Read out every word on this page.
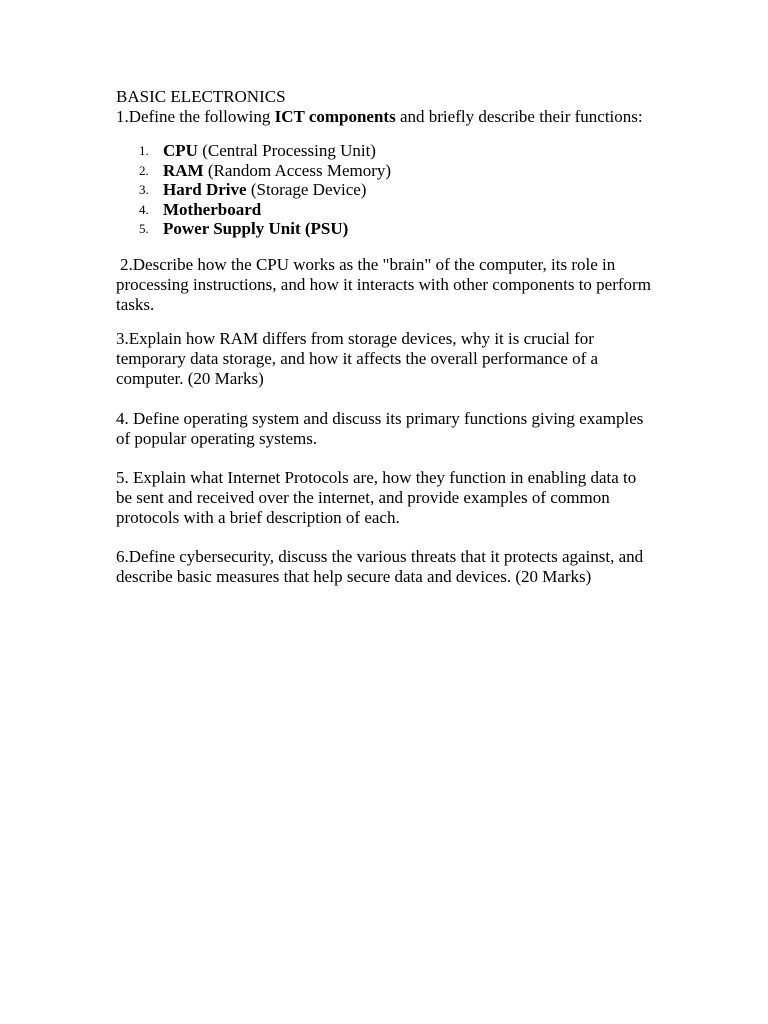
BASIC ELECTRONICS

1.Define the following ICT components and briefly describe their functions:

1. CPU (Central Processing Unit)
2. RAM (Random Access Memory)
3. Hard Drive (Storage Device)
4. Motherboard
5. Power Supply Unit (PSU)

2.Describe how the CPU works as the "brain" of the computer, its role in processing instructions, and how it interacts with other components to perform tasks.

3.Explain how RAM differs from storage devices, why it is crucial for temporary data storage, and how it affects the overall performance of a computer. (20 Marks)

4. Define operating system and discuss its primary functions giving examples of popular operating systems.

5. Explain what Internet Protocols are, how they function in enabling data to be sent and received over the internet, and provide examples of common protocols with a brief description of each.

6.Define cybersecurity, discuss the various threats that it protects against, and describe basic measures that help secure data and devices. (20 Marks)
